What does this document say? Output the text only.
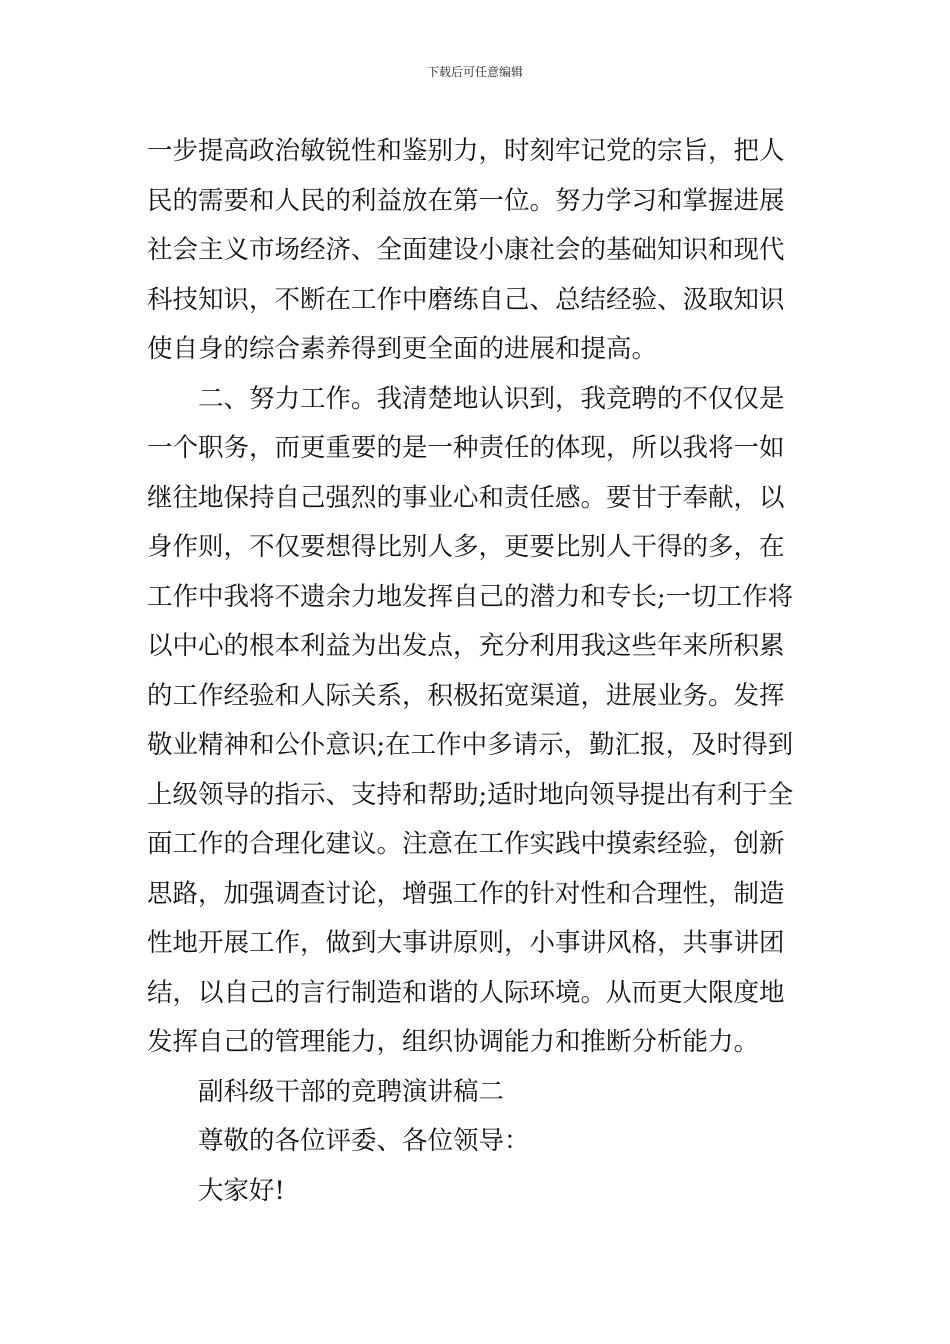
下载后可任意编辑
一步提高政治敏锐性和鉴别力，时刻牢记党的宗旨，把人
民的需要和人民的利益放在第一位。努力学习和掌握进展
社会主义市场经济、全面建设小康社会的基础知识和现代
科技知识，不断在工作中磨练自己、总结经验、汲取知识
使自身的综合素养得到更全面的进展和提高。
二、努力工作。我清楚地认识到，我竞聘的不仅仅是
一个职务，而更重要的是一种责任的体现，所以我将一如
继往地保持自己强烈的事业心和责任感。要甘于奉献，以
身作则，不仅要想得比别人多，更要比别人干得的多，在
工作中我将不遗余力地发挥自己的潜力和专长;一切工作将
以中心的根本利益为出发点，充分利用我这些年来所积累
的工作经验和人际关系，积极拓宽渠道，进展业务。发挥
敬业精神和公仆意识;在工作中多请示，勤汇报，及时得到
上级领导的指示、支持和帮助;适时地向领导提出有利于全
面工作的合理化建议。注意在工作实践中摸索经验，创新
思路，加强调查讨论，增强工作的针对性和合理性，制造
性地开展工作，做到大事讲原则，小事讲风格，共事讲团
结，以自己的言行制造和谐的人际环境。从而更大限度地
发挥自己的管理能力，组织协调能力和推断分析能力。
副科级干部的竞聘演讲稿二
尊敬的各位评委、各位领导：
大家好!
